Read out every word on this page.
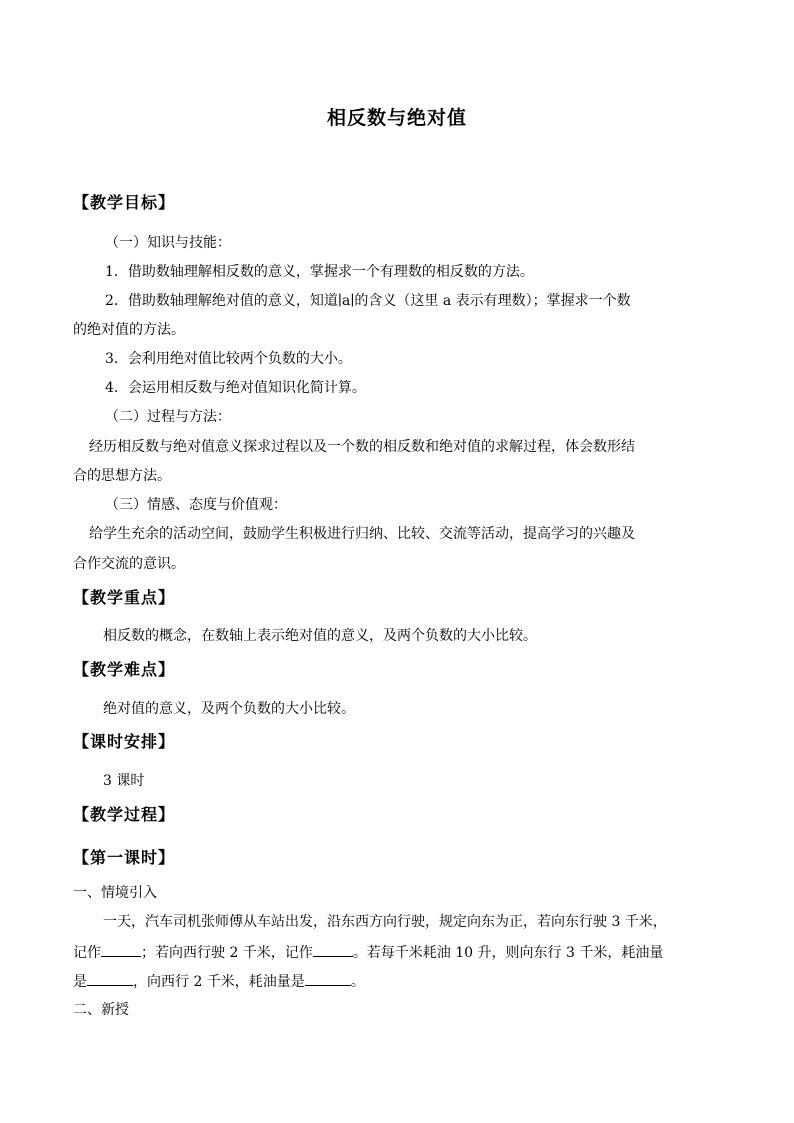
相反数与绝对值
【教学目标】
（一）知识与技能：
1．借助数轴理解相反数的意义，掌握求一个有理数的相反数的方法。
2．借助数轴理解绝对值的意义，知道∣a∣的含义（这里 a 表示有理数）；掌握求一个数
的绝对值的方法。
3．会利用绝对值比较两个负数的大小。
4．会运用相反数与绝对值知识化简计算。
（二）过程与方法：
经历相反数与绝对值意义探求过程以及一个数的相反数和绝对值的求解过程，体会数形结
合的思想方法。
（三）情感、态度与价值观：
给学生充余的活动空间，鼓励学生积极进行归纳、比较、交流等活动，提高学习的兴趣及
合作交流的意识。
【教学重点】
相反数的概念，在数轴上表示绝对值的意义，及两个负数的大小比较。
【教学难点】
绝对值的意义，及两个负数的大小比较。
【课时安排】
3 课时
【教学过程】
【第一课时】
一、情境引入
一天，汽车司机张师傅从车站出发，沿东西方向行驶，规定向东为正，若向东行驶 3 千米，
记作	；若向西行驶 2 千米，记作	。若每千米耗油 10 升，则向东行 3 千米，耗油量
是	，向西行 2 千米，耗油量是	。
二、新授
